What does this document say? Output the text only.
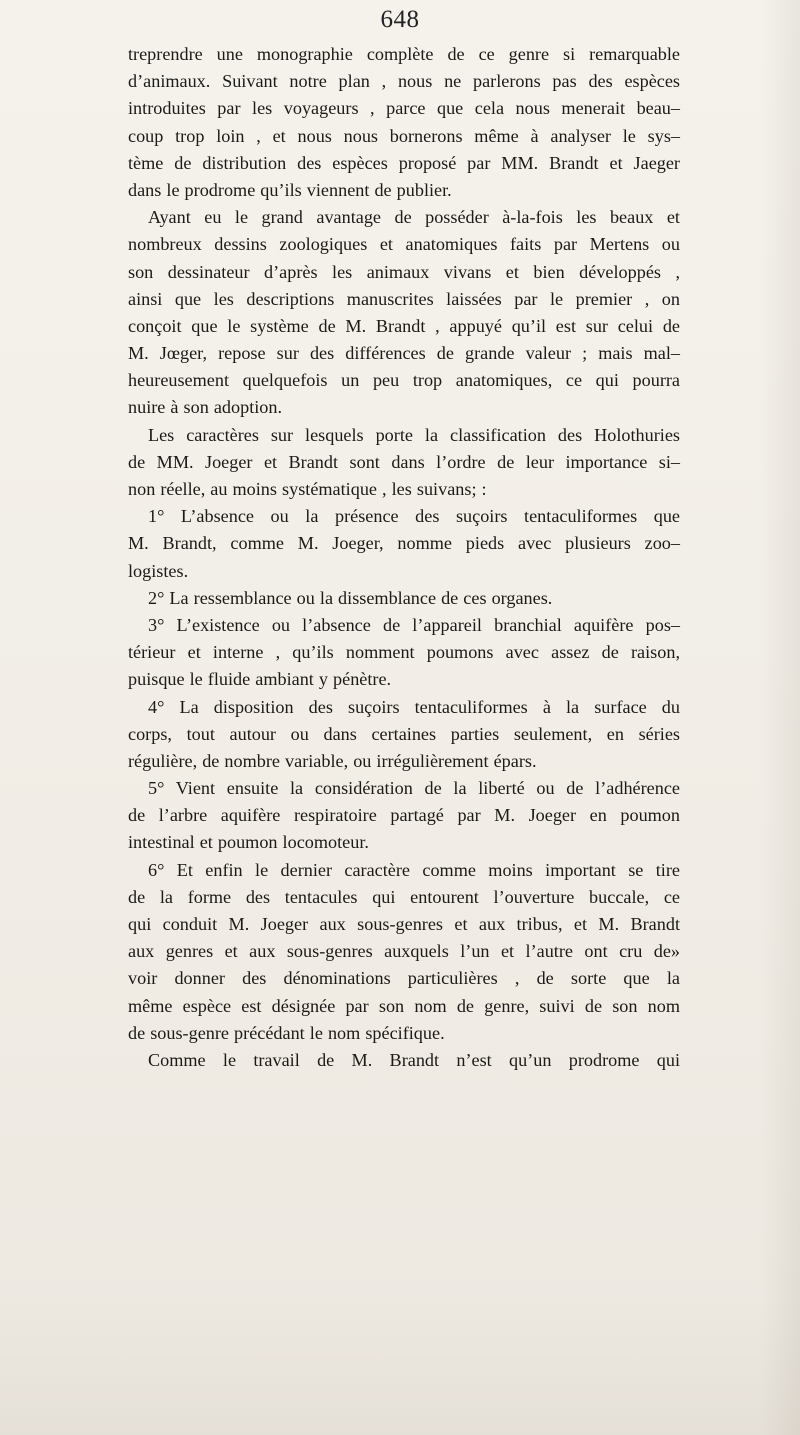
648
treprendre une monographie complète de ce genre si remarquable
d’animaux. Suivant notre plan , nous ne parlerons pas des espèces
introduites par les voyageurs , parce que cela nous menerait beau–
coup trop loin , et nous nous bornerons même à analyser le sys–
tème de distribution des espèces proposé par MM. Brandt et Jaeger
dans le prodrome qu’ils viennent de publier.
Ayant eu le grand avantage de posséder à-la-fois les beaux et
nombreux dessins zoologiques et anatomiques faits par Mertens ou
son dessinateur d’après les animaux vivans et bien développés ,
ainsi que les descriptions manuscrites laissées par le premier , on
conçoit que le système de M. Brandt , appuyé qu’il est sur celui de
M. Jœger, repose sur des différences de grande valeur ; mais mal–
heureusement quelquefois un peu trop anatomiques, ce qui pourra
nuire à son adoption.
Les caractères sur lesquels porte la classification des Holothuries
de MM. Joeger et Brandt sont dans l’ordre de leur importance si–
non réelle, au moins systématique , les suivans; :
1° L’absence ou la présence des suçoirs tentaculiformes que
M. Brandt, comme M. Joeger, nomme pieds avec plusieurs zoo–
logistes.
2° La ressemblance ou la dissemblance de ces organes.
3° L’existence ou l’absence de l’appareil branchial aquifère pos–
térieur et interne , qu’ils nomment poumons avec assez de raison,
puisque le fluide ambiant y pénètre.
4° La disposition des suçoirs tentaculiformes à la surface du
corps, tout autour ou dans certaines parties seulement, en séries
régulière, de nombre variable, ou irrégulièrement épars.
5° Vient ensuite la considération de la liberté ou de l’adhérence
de l’arbre aquifère respiratoire partagé par M. Joeger en poumon
intestinal et poumon locomoteur.
6° Et enfin le dernier caractère comme moins important se tire
de la forme des tentacules qui entourent l’ouverture buccale, ce
qui conduit M. Joeger aux sous-genres et aux tribus, et M. Brandt
aux genres et aux sous-genres auxquels l’un et l’autre ont cru de»
voir donner des dénominations particulières , de sorte que la
même espèce est désignée par son nom de genre, suivi de son nom
de sous-genre précédant le nom spécifique.
Comme le travail de M. Brandt n’est qu’un prodrome qui
